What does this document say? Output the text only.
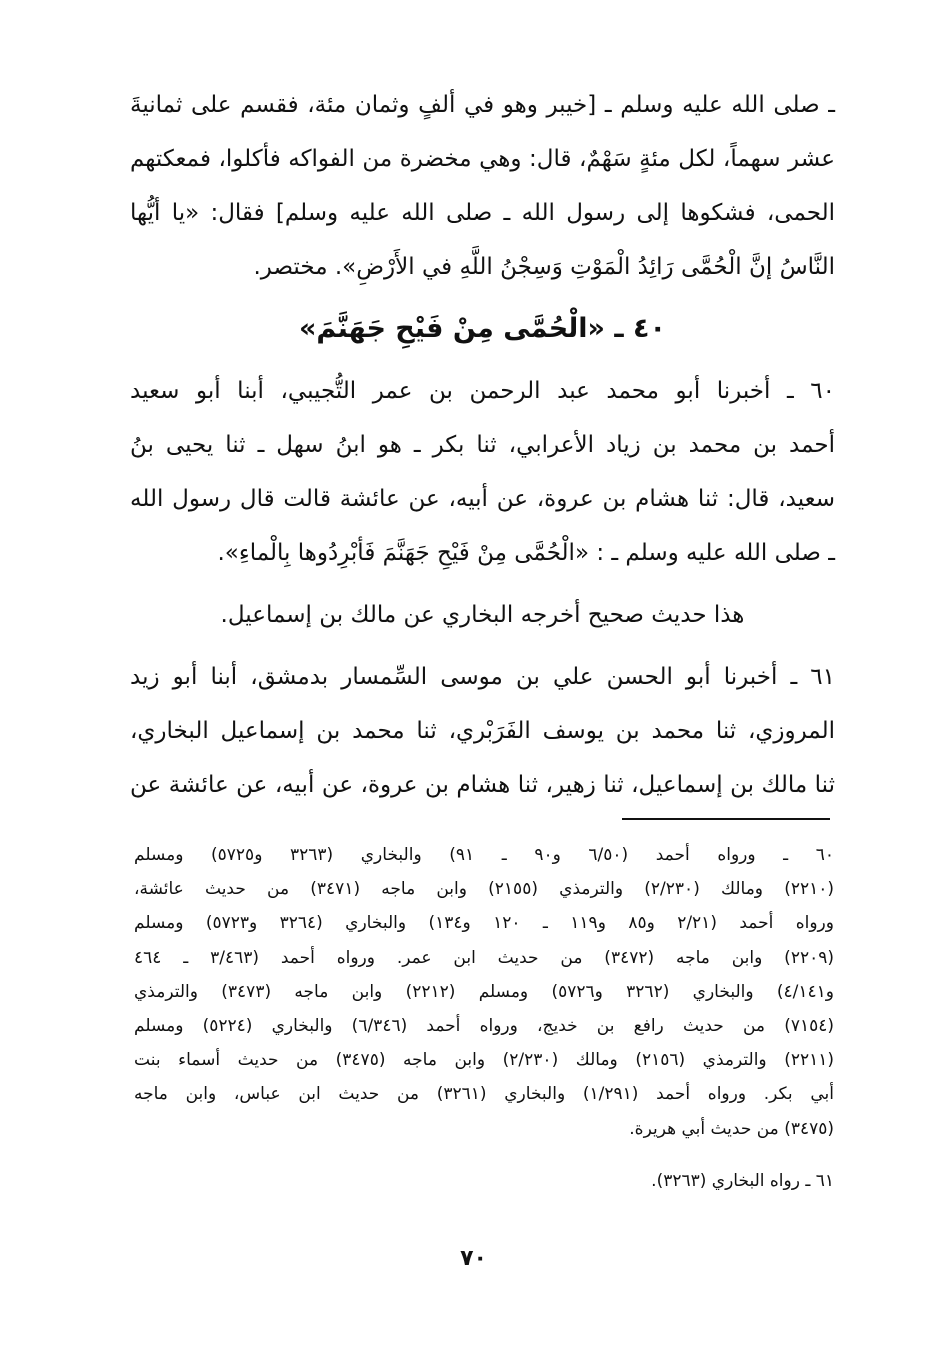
ـ صلى الله عليه وسلم ـ [خيبر وهو في ألفٍ وثمان مئة، فقسم على ثمانيةَ

عشر سهماً، لكل مئةٍ سَهْمٌ، قال: وهي مخضرة من الفواكه فأكلوا، فمعكتهم

الحمى، فشكوها إلى رسول الله ـ صلى الله عليه وسلم] فقال: «يا أيُّها

النَّاسُ إنَّ الْحُمَّى رَائِدُ الْمَوْتِ وَسِجْنُ اللَّهِ في الأَرْضِ». مختصر.

٤٠ ـ «الْحُمَّى مِنْ فَيْحِ جَهَنَّمَ»

٦٠ ـ أخبرنا أبو محمد عبد الرحمن بن عمر التُّجيبي، أبنا أبو سعيد

أحمد بن محمد بن زياد الأعرابي، ثنا بكر ـ هو ابنُ سهل ـ ثنا يحيى بنُ

سعيد، قال: ثنا هشام بن عروة، عن أبيه، عن عائشة قالت قال رسول الله

ـ صلى الله عليه وسلم ـ : «الْحُمَّى مِنْ فَيْحِ جَهَنَّمَ فَأبْرِدُوها بِالْماءِ».

هذا حديث صحيح أخرجه البخاري عن مالك بن إسماعيل.

٦١ ـ أخبرنا أبو الحسن علي بن موسى السِّمسار بدمشق، أبنا أبو زيد

المروزي، ثنا محمد بن يوسف الفَرَبْري، ثنا محمد بن إسماعيل البخاري،

ثنا مالك بن إسماعيل، ثنا زهير، ثنا هشام بن عروة، عن أبيه، عن عائشة عن

٦٠ ـ ورواه أحمد (٦/٥٠ و٩٠ ـ ٩١) والبخاري (٣٢٦٣ و٥٧٢٥) ومسلم

(٢٢١٠) ومالك (٢/٢٣٠) والترمذي (٢١٥٥) وابن ماجه (٣٤٧١) من حديث عائشة،

ورواه أحمد (٢/٢١ و٨٥ و١١٩ ـ ١٢٠ و١٣٤) والبخاري (٣٢٦٤ و٥٧٢٣) ومسلم

(٢٢٠٩) وابن ماجه (٣٤٧٢) من حديث ابن عمر. ورواه أحمد (٣/٤٦٣ ـ ٤٦٤

و٤/١٤١) والبخاري (٣٢٦٢ و٥٧٢٦) ومسلم (٢٢١٢) وابن ماجه (٣٤٧٣) والترمذي

(٧١٥٤) من حديث رافع بن خديج، ورواه أحمد (٦/٣٤٦) والبخاري (٥٢٢٤) ومسلم

(٢٢١١) والترمذي (٢١٥٦) ومالك (٢/٢٣٠) وابن ماجه (٣٤٧٥) من حديث أسماء بنت

أبي بكر. ورواه أحمد (١/٢٩١) والبخاري (٣٢٦١) من حديث ابن عباس، وابن ماجه

(٣٤٧٥) من حديث أبي هريرة.

٦١ ـ رواه البخاري (٣٢٦٣).

٧٠
